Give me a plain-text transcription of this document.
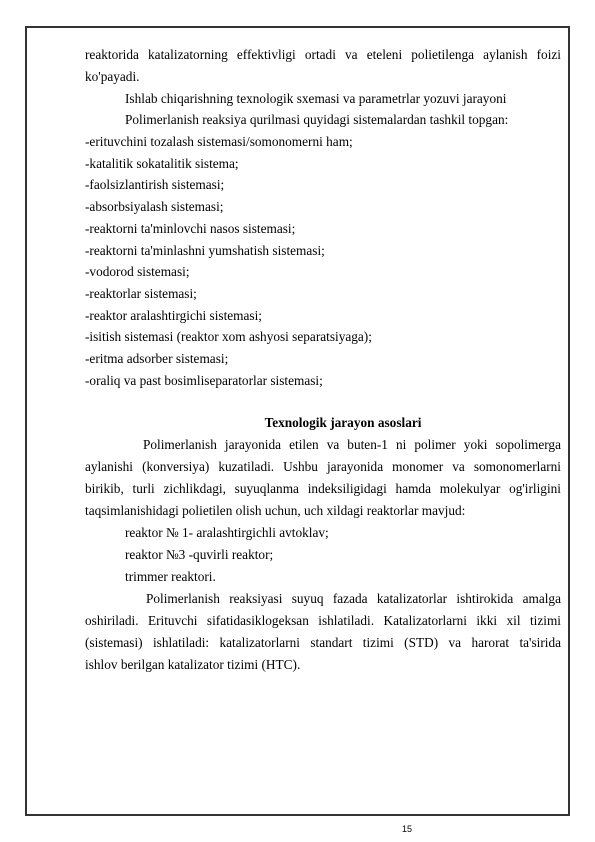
reaktorida katalizatorning effektivligi ortadi va eteleni polietilenga aylanish foizi
ko'payadi.
Ishlab chiqarishning texnologik sxemasi va parametrlar yozuvi jarayoni
Polimerlanish reaksiya qurilmasi quyidagi sistemalardan tashkil topgan:
-erituvchini tozalash sistemasi/somonomerni ham;
-katalitik sokatalitik sistema;
-faolsizlantirish sistemasi;
-absorbsiyalash sistemasi;
-reaktorni ta'minlovchi nasos sistemasi;
-reaktorni ta'minlashni yumshatish sistemasi;
-vodorod sistemasi;
-reaktorlar sistemasi;
-reaktor aralashtirgichi sistemasi;
-isitish sistemasi (reaktor xom ashyosi separatsiyaga);
-eritma adsorber sistemasi;
-oraliq va past bosimliseparatorlar sistemasi;
Texnologik jarayon asoslari
Polimerlanish jarayonida etilen va buten-1 ni polimer yoki sopolimerga
aylanishi (konversiya) kuzatiladi. Ushbu jarayonida monomer va somonomerlarni
birikib, turli zichlikdagi, suyuqlanma indeksiligidagi hamda molekulyar og'irligini
taqsimlanishidagi polietilen olish uchun, uch xildagi reaktorlar mavjud:
reaktor № 1- aralashtirgichli avtoklav;
reaktor №3 -quvirli reaktor;
trimmer reaktori.
Polimerlanish reaksiyasi suyuq fazada katalizatorlar ishtirokida amalga
oshiriladi. Erituvchi sifatidasiklogeksan ishlatiladi. Katalizatorlarni ikki xil tizimi
(sistemasi) ishlatiladi: katalizatorlarni standart tizimi (STD) va harorat ta'sirida
ishlov berilgan katalizator tizimi (HTC).
15
